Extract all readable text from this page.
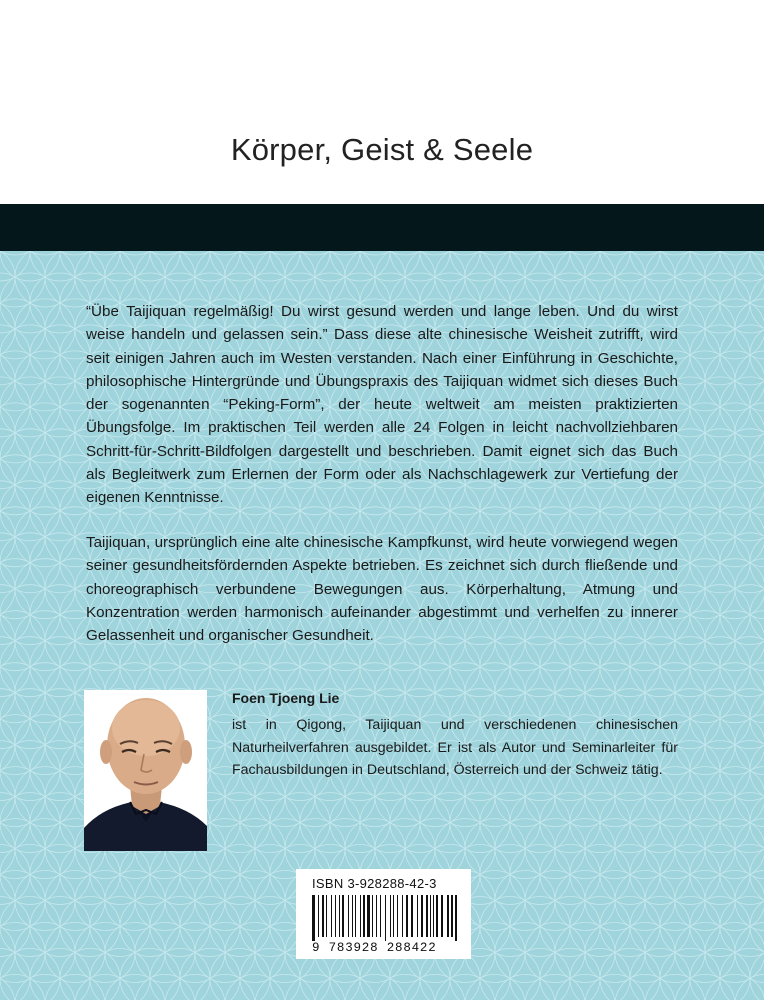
Körper, Geist & Seele
“Übe Taijiquan regelmäßig! Du wirst gesund werden und lange leben. Und du wirst weise handeln und gelassen sein.” Dass diese alte chinesische Weisheit zutrifft, wird seit einigen Jahren auch im Westen verstanden. Nach einer Einführung in Geschichte, philosophische Hintergründe und Übungspraxis des Taijiquan widmet sich dieses Buch der sogenannten “Peking-Form”, der heute weltweit am meisten praktizierten Übungsfolge. Im praktischen Teil werden alle 24 Folgen in leicht nachvollziehbaren Schritt-für-Schritt-Bildfolgen dargestellt und beschrieben. Damit eignet sich das Buch als Begleitwerk zum Erlernen der Form oder als Nachschlagewerk zur Vertiefung der eigenen Kenntnisse.
Taijiquan, ursprünglich eine alte chinesische Kampfkunst, wird heute vorwiegend wegen seiner gesundheitsfördernden Aspekte betrieben. Es zeichnet sich durch fließende und choreographisch verbundene Bewegungen aus. Körperhaltung, Atmung und Konzentration werden harmonisch aufeinander abgestimmt und verhelfen zu innerer Gelassenheit und organischer Gesundheit.
Foen Tjoeng Lie
ist in Qigong, Taijiquan und verschiedenen chinesischen Naturheilverfahren ausgebildet. Er ist als Autor und Seminarleiter für Fachausbildungen in Deutschland, Österreich und der Schweiz tätig.
ISBN 3-928288-42-3
9 783928 288422
